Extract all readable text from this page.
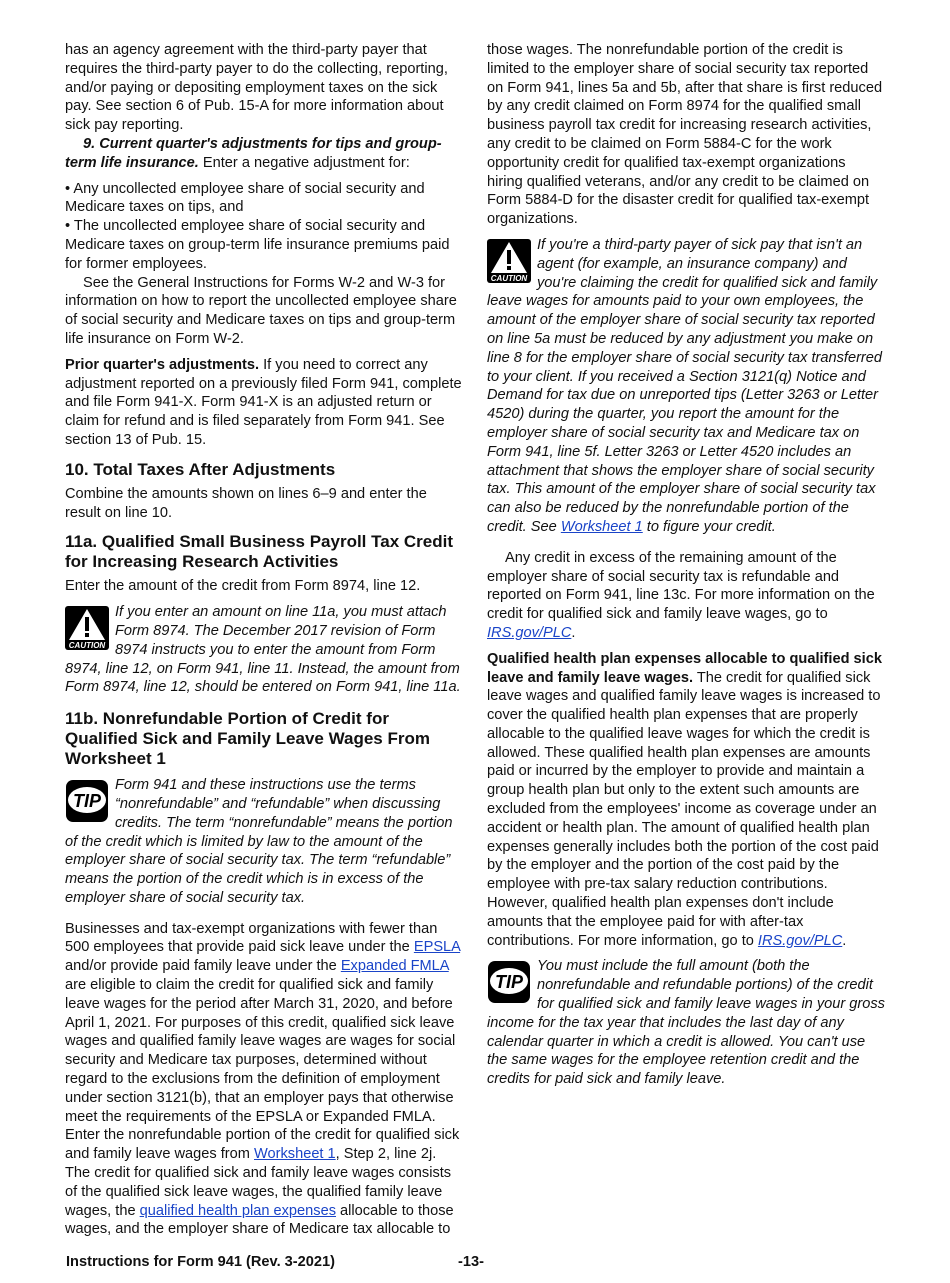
has an agency agreement with the third-party payer that requires the third-party payer to do the collecting, reporting, and/or paying or depositing employment taxes on the sick pay. See section 6 of Pub. 15-A for more information about sick pay reporting.

9. Current quarter's adjustments for tips and group-term life insurance. Enter a negative adjustment for:

• Any uncollected employee share of social security and Medicare taxes on tips, and

• The uncollected employee share of social security and Medicare taxes on group-term life insurance premiums paid for former employees.

See the General Instructions for Forms W-2 and W-3 for information on how to report the uncollected employee share of social security and Medicare taxes on tips and group-term life insurance on Form W-2.

Prior quarter's adjustments. If you need to correct any adjustment reported on a previously filed Form 941, complete and file Form 941-X. Form 941-X is an adjusted return or claim for refund and is filed separately from Form 941. See section 13 of Pub. 15.

10. Total Taxes After Adjustments

Combine the amounts shown on lines 6–9 and enter the result on line 10.

11a. Qualified Small Business Payroll Tax Credit for Increasing Research Activities

Enter the amount of the credit from Form 8974, line 12.

CAUTION
If you enter an amount on line 11a, you must attach Form 8974. The December 2017 revision of Form 8974 instructs you to enter the amount from Form 8974, line 12, on Form 941, line 11. Instead, the amount from Form 8974, line 12, should be entered on Form 941, line 11a.
11b. Nonrefundable Portion of Credit for Qualified Sick and Family Leave Wages From Worksheet 1
TIP
Form 941 and these instructions use the terms “nonrefundable” and “refundable” when discussing credits. The term “nonrefundable” means the portion of the credit which is limited by law to the amount of the employer share of social security tax. The term “refundable” means the portion of the credit which is in excess of the employer share of social security tax.

Businesses and tax-exempt organizations with fewer than 500 employees that provide paid sick leave under the EPSLA and/or provide paid family leave under the Expanded FMLA are eligible to claim the credit for qualified sick and family leave wages for the period after March 31, 2020, and before April 1, 2021. For purposes of this credit, qualified sick leave wages and qualified family leave wages are wages for social security and Medicare tax purposes, determined without regard to the exclusions from the definition of employment under section 3121(b), that an employer pays that otherwise meet the requirements of the EPSLA or Expanded FMLA. Enter the nonrefundable portion of the credit for qualified sick and family leave wages from Worksheet 1, Step 2, line 2j. The credit for qualified sick and family leave wages consists of the qualified sick leave wages, the qualified family leave wages, the qualified health plan expenses allocable to those wages, and the employer share of Medicare tax allocable to

those wages. The nonrefundable portion of the credit is limited to the employer share of social security tax reported on Form 941, lines 5a and 5b, after that share is first reduced by any credit claimed on Form 8974 for the qualified small business payroll tax credit for increasing research activities, any credit to be claimed on Form 5884-C for the work opportunity credit for qualified tax-exempt organizations hiring qualified veterans, and/or any credit to be claimed on Form 5884-D for the disaster credit for qualified tax-exempt organizations.

CAUTION
If you're a third-party payer of sick pay that isn't an agent (for example, an insurance company) and you're claiming the credit for qualified sick and family leave wages for amounts paid to your own employees, the amount of the employer share of social security tax reported on line 5a must be reduced by any adjustment you make on line 8 for the employer share of social security tax transferred to your client. If you received a Section 3121(q) Notice and Demand for tax due on unreported tips (Letter 3263 or Letter 4520) during the quarter, you report the amount for the employer share of social security tax and Medicare tax on Form 941, line 5f. Letter 3263 or Letter 4520 includes an attachment that shows the employer share of social security tax. This amount of the employer share of social security tax can also be reduced by the nonrefundable portion of the credit. See Worksheet 1 to figure your credit.

Any credit in excess of the remaining amount of the employer share of social security tax is refundable and reported on Form 941, line 13c. For more information on the credit for qualified sick and family leave wages, go to IRS.gov/PLC.

Qualified health plan expenses allocable to qualified sick leave and family leave wages. The credit for qualified sick leave wages and qualified family leave wages is increased to cover the qualified health plan expenses that are properly allocable to the qualified leave wages for which the credit is allowed. These qualified health plan expenses are amounts paid or incurred by the employer to provide and maintain a group health plan but only to the extent such amounts are excluded from the employees' income as coverage under an accident or health plan. The amount of qualified health plan expenses generally includes both the portion of the cost paid by the employer and the portion of the cost paid by the employee with pre-tax salary reduction contributions. However, qualified health plan expenses don't include amounts that the employee paid for with after-tax contributions. For more information, go to IRS.gov/PLC.

TIP
You must include the full amount (both the nonrefundable and refundable portions) of the credit for qualified sick and family leave wages in your gross income for the tax year that includes the last day of any calendar quarter in which a credit is allowed. You can't use the same wages for the employee retention credit and the credits for paid sick and family leave.
Instructions for Form 941 (Rev. 3-2021)	-13-
